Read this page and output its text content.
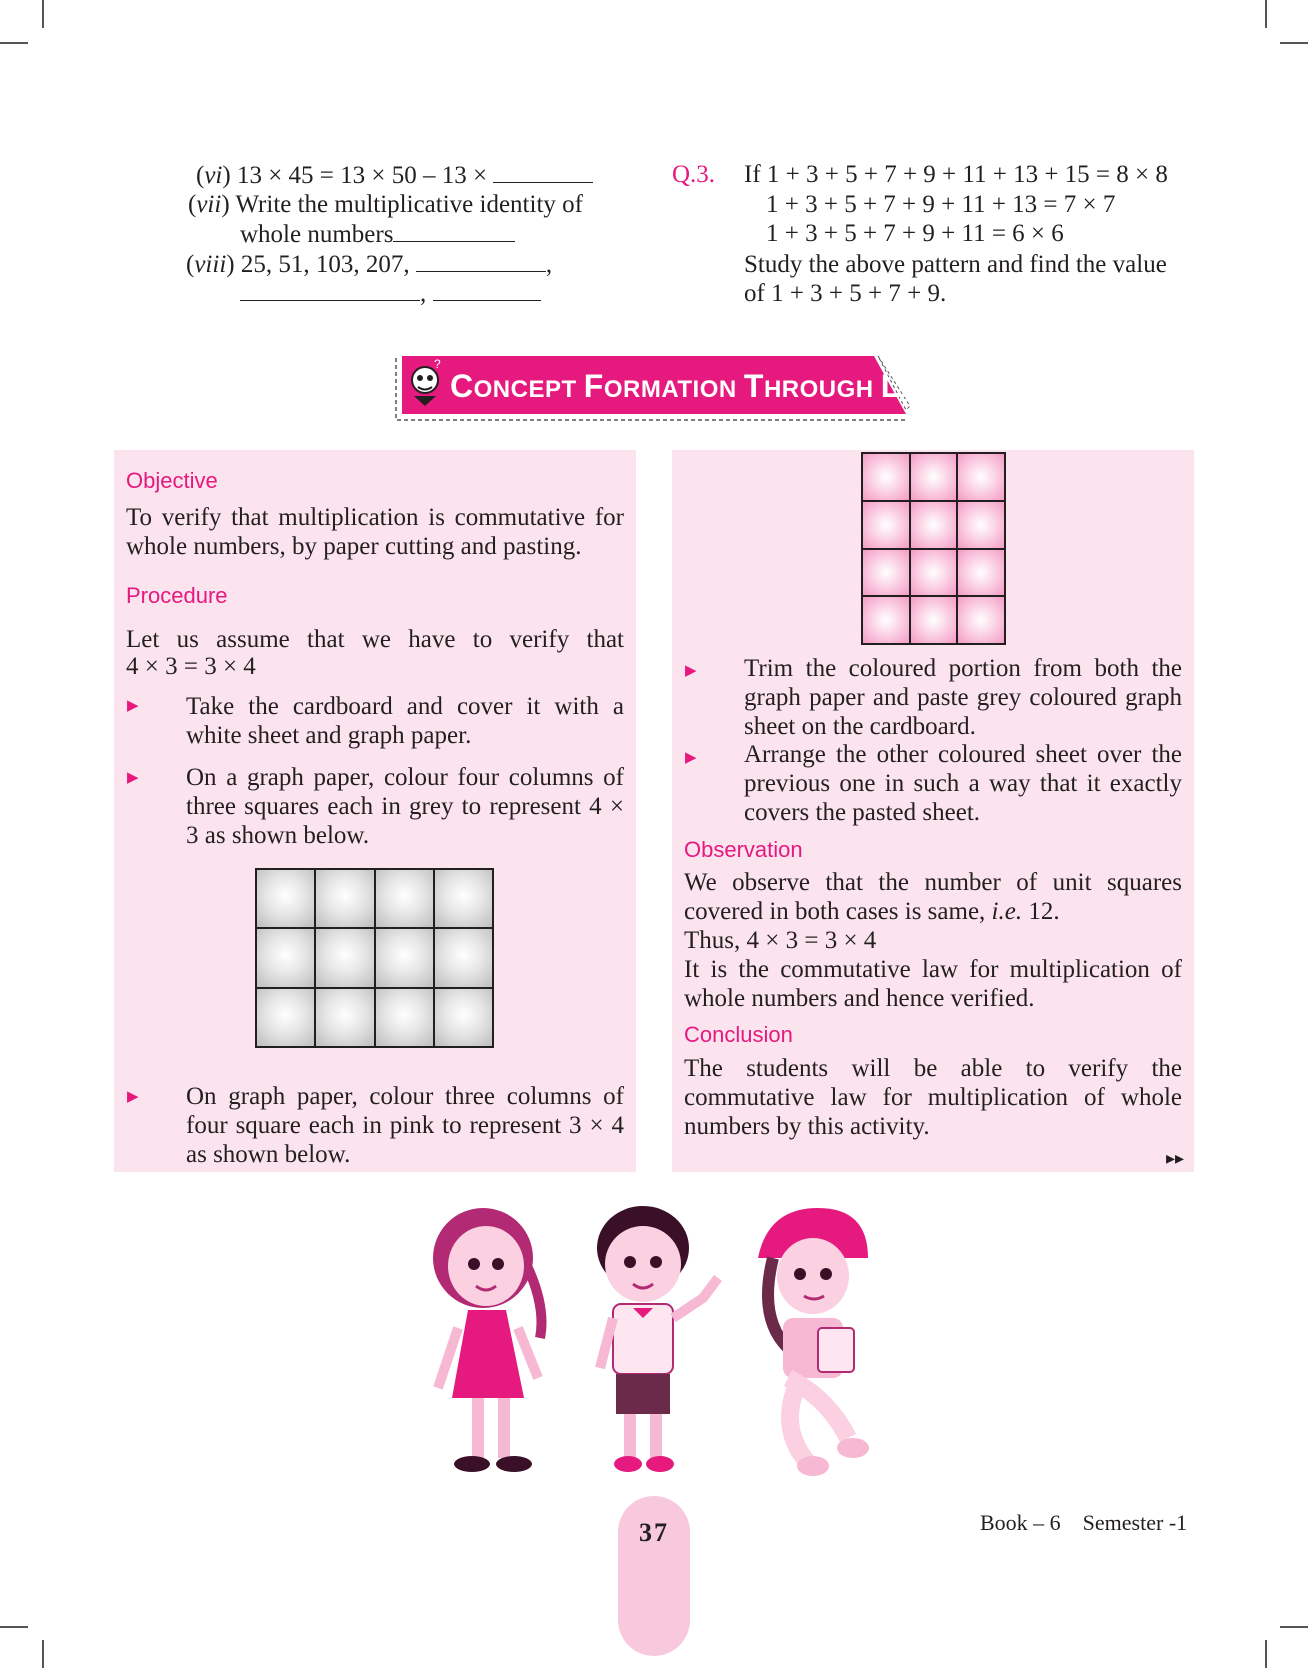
(vi) 13 × 45 = 13 × 50 – 13 ×
(vii) Write the multiplicative identity of
whole numbers
(viii) 25, 51, 103, 207,	,
,
Q.3. If 1 + 3 + 5 + 7 + 9 + 11 + 13 + 15 = 8 × 8
1 + 3 + 5 + 7 + 9 + 11 + 13 = 7 × 7
1 + 3 + 5 + 7 + 9 + 11 = 6 × 6
Study the above pattern and find the value
of 1 + 3 + 5 + 7 + 9.
?
CONCEPT FORMATION THROUGH LAB
Objective
To verify that multiplication is commutative for whole numbers, by paper cutting and pasting.
Procedure
Let us assume that we have to verify that
4 × 3 = 3 × 4
▶ Take the cardboard and cover it with a white sheet and graph paper.
▶ On a graph paper, colour four columns of three squares each in grey to represent 4 × 3 as shown below.
▶ On graph paper, colour three columns of four square each in pink to represent 3 × 4 as shown below.
▶ Trim the coloured portion from both the graph paper and paste grey coloured graph sheet on the cardboard.
▶ Arrange the other coloured sheet over the previous one in such a way that it exactly covers the pasted sheet.
Observation
We observe that the number of unit squares covered in both cases is same, i.e. 12.
Thus, 4 × 3 = 3 × 4
It is the commutative law for multiplication of whole numbers and hence verified.
Conclusion
The students will be able to verify the commutative law for multiplication of whole numbers by this activity.
▸▸
37	Book – 6    Semester -1
